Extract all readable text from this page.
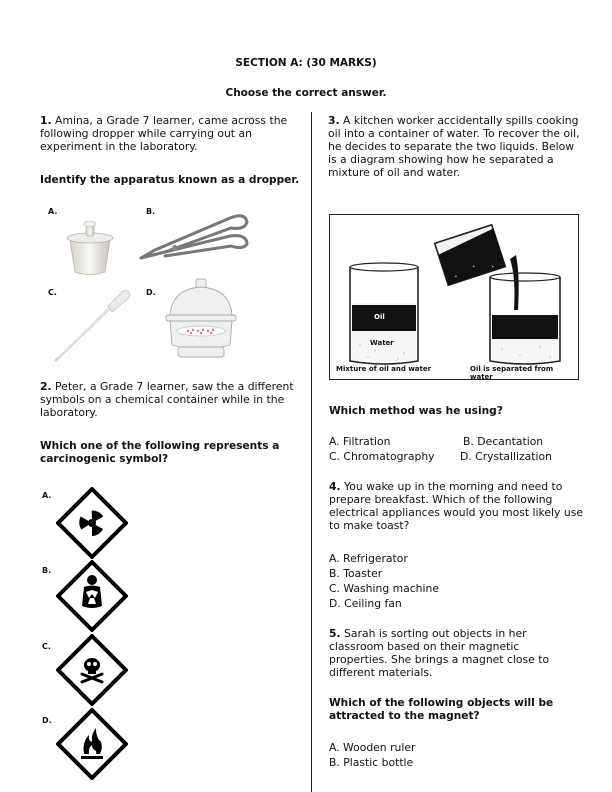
SECTION A: (30 MARKS)
Choose the correct answer.
1. Amina, a Grade 7 learner, came across the following dropper while carrying out an experiment in the laboratory.
Identify the apparatus known as a dropper.
A.	B.
C.	D.
2. Peter, a Grade 7 learner, saw the a different symbols on a chemical container while in the laboratory.
Which one of the following represents a carcinogenic symbol?
A.
B.
C.
D.
3. A kitchen worker accidentally spills cooking oil into a container of water. To recover the oil, he decides to separate the two liquids. Below is a diagram showing how he separated a mixture of oil and water.
Oil
Water
Mixture of oil and water	Oil is separated from water
Which method was he using?
A. Filtration	B. Decantation
C. Chromatography D. Crystallization
4. You wake up in the morning and need to prepare breakfast. Which of the following electrical appliances would you most likely use to make toast?
A. Refrigerator
B. Toaster
C. Washing machine
D. Ceiling fan
5. Sarah is sorting out objects in her classroom based on their magnetic properties. She brings a magnet close to different materials.
Which of the following objects will be attracted to the magnet?
A. Wooden ruler
B. Plastic bottle
